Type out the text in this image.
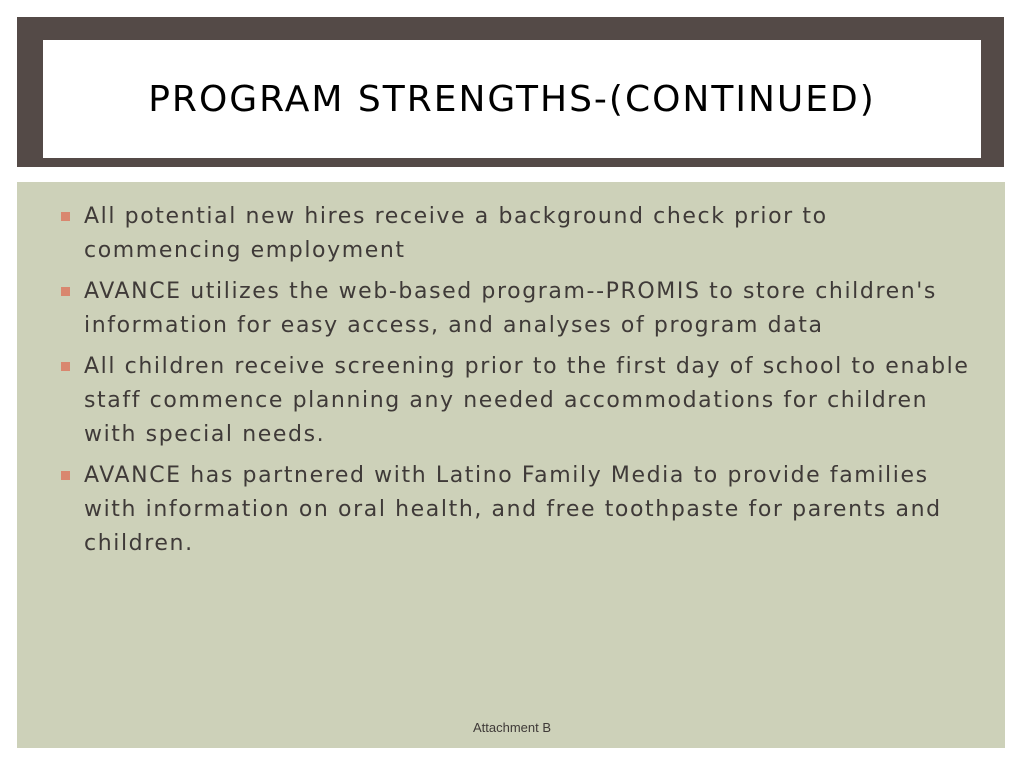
PROGRAM STRENGTHS-(CONTINUED)
All potential new hires receive a background check prior to commencing employment
AVANCE utilizes the web-based program--PROMIS to store children's information for easy access, and analyses of program data
All children receive screening prior to the first day of school to enable staff commence planning any needed accommodations for children with special needs.
AVANCE has partnered with Latino Family Media to provide families with information on oral health, and free toothpaste for parents and children.
Attachment B
